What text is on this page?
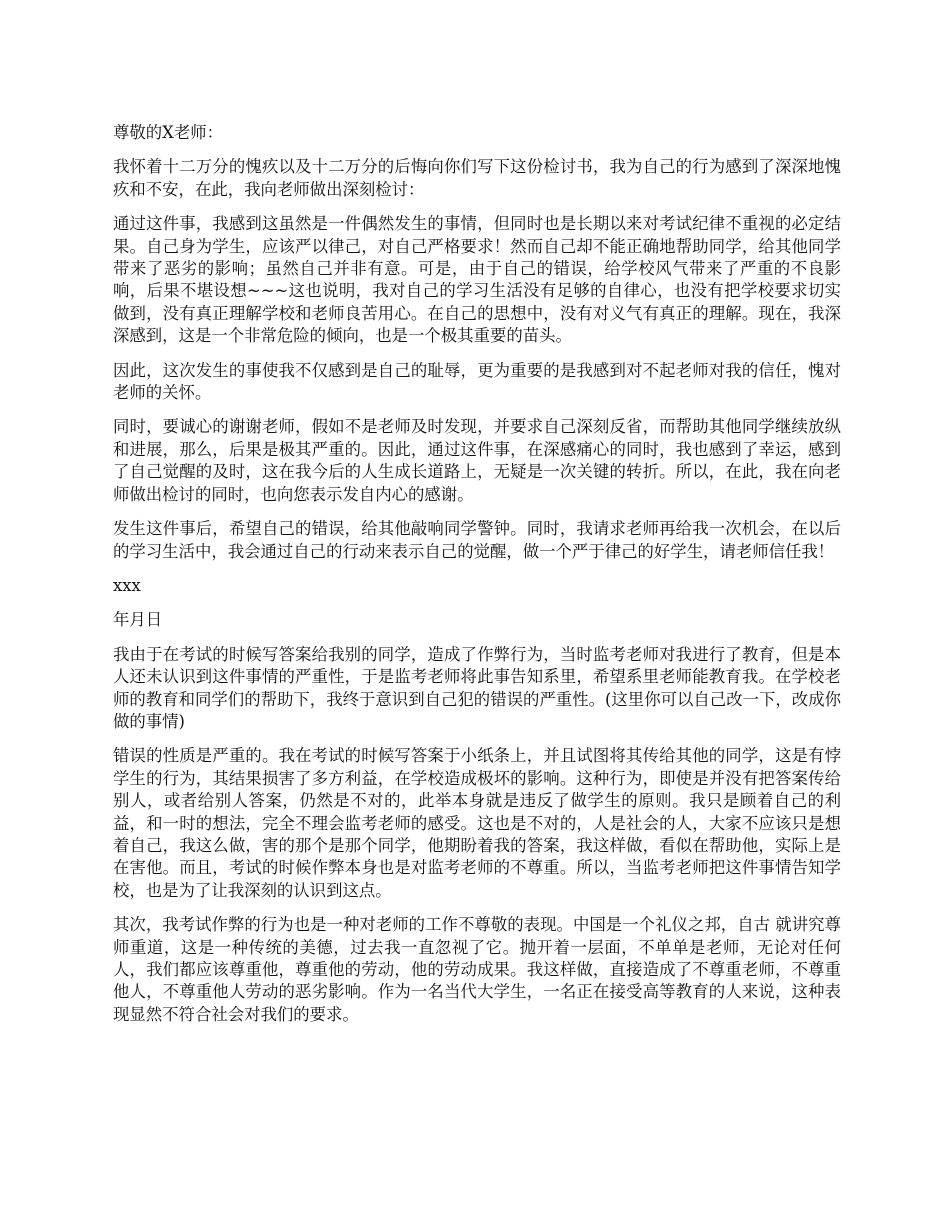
尊敬的X老师：

我怀着十二万分的愧疚以及十二万分的后悔向你们写下这份检讨书，我为自己的行为感到了深深地愧疚和不安，在此，我向老师做出深刻检讨：

通过这件事，我感到这虽然是一件偶然发生的事情，但同时也是长期以来对考试纪律不重视的必定结果。自己身为学生，应该严以律己，对自己严格要求！然而自己却不能正确地帮助同学，给其他同学带来了恶劣的影响；虽然自己并非有意。可是，由于自己的错误，给学校风气带来了严重的不良影响，后果不堪设想~~~这也说明，我对自己的学习生活没有足够的自律心，也没有把学校要求切实做到，没有真正理解学校和老师良苦用心。在自己的思想中，没有对义气有真正的理解。现在，我深深感到，这是一个非常危险的倾向，也是一个极其重要的苗头。

因此，这次发生的事使我不仅感到是自己的耻辱，更为重要的是我感到对不起老师对我的信任，愧对老师的关怀。

同时，要诚心的谢谢老师，假如不是老师及时发现，并要求自己深刻反省，而帮助其他同学继续放纵和进展，那么，后果是极其严重的。因此，通过这件事，在深感痛心的同时，我也感到了幸运，感到了自己觉醒的及时，这在我今后的人生成长道路上，无疑是一次关键的转折。所以，在此，我在向老师做出检讨的同时，也向您表示发自内心的感谢。

发生这件事后，希望自己的错误，给其他敲响同学警钟。同时，我请求老师再给我一次机会，在以后的学习生活中，我会通过自己的行动来表示自己的觉醒，做一个严于律己的好学生，请老师信任我！

xxx

年月日

我由于在考试的时候写答案给我别的同学，造成了作弊行为，当时监考老师对我进行了教育，但是本人还未认识到这件事情的严重性，于是监考老师将此事告知系里，希望系里老师能教育我。在学校老师的教育和同学们的帮助下，我终于意识到自己犯的错误的严重性。(这里你可以自己改一下，改成你做的事情)

错误的性质是严重的。我在考试的时候写答案于小纸条上，并且试图将其传给其他的同学，这是有悖学生的行为，其结果损害了多方利益，在学校造成极坏的影响。这种行为，即使是并没有把答案传给别人，或者给别人答案，仍然是不对的，此举本身就是违反了做学生的原则。我只是顾着自己的利益，和一时的想法，完全不理会监考老师的感受。这也是不对的，人是社会的人，大家不应该只是想着自己，我这么做，害的那个是那个同学，他期盼着我的答案，我这样做，看似在帮助他，实际上是在害他。而且，考试的时候作弊本身也是对监考老师的不尊重。所以，当监考老师把这件事情告知学校，也是为了让我深刻的认识到这点。

其次，我考试作弊的行为也是一种对老师的工作不尊敬的表现。中国是一个礼仪之邦，自古 就讲究尊师重道，这是一种传统的美德，过去我一直忽视了它。抛开着一层面，不单单是老师，无论对任何人，我们都应该尊重他，尊重他的劳动，他的劳动成果。我这样做，直接造成了不尊重老师，不尊重他人，不尊重他人劳动的恶劣影响。作为一名当代大学生，一名正在接受高等教育的人来说，这种表现显然不符合社会对我们的要求。
